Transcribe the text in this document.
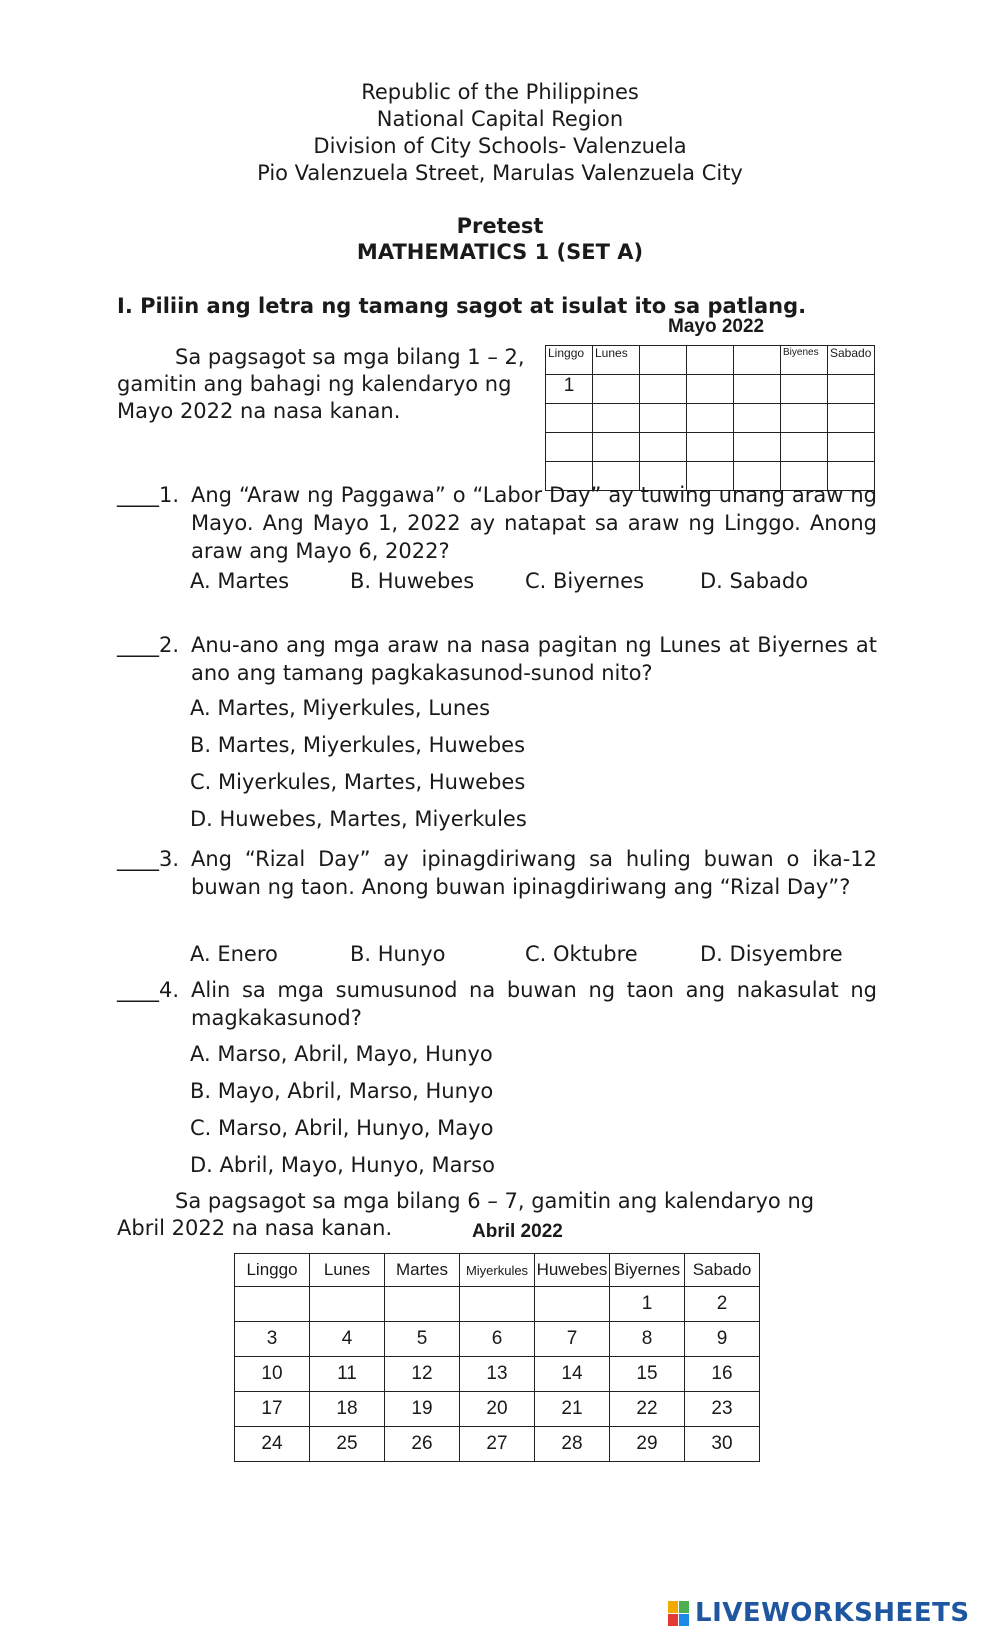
Republic of the Philippines
National Capital Region
Division of City Schools- Valenzuela
Pio Valenzuela Street, Marulas Valenzuela City
Pretest
MATHEMATICS 1 (SET A)
I. Piliin ang letra ng tamang sagot at isulat ito sa patlang.
Sa pagsagot sa mga bilang 1 – 2, gamitin ang bahagi ng kalendaryo ng Mayo 2022 na nasa kanan.
Mayo 2022
Linggo	Lunes				Biyenes	Sabado
1						

____1. Ang “Araw ng Paggawa” o “Labor Day” ay tuwing unang araw ng Mayo. Ang Mayo 1, 2022 ay natapat sa araw ng Linggo. Anong araw ang Mayo 6, 2022?
A. Martes	B. Huwebes C. Biyernes	D. Sabado
____2. Anu-ano ang mga araw na nasa pagitan ng Lunes at Biyernes at ano ang tamang pagkakasunod-sunod nito?
A. Martes, Miyerkules, Lunes
B. Martes, Miyerkules, Huwebes
C. Miyerkules, Martes, Huwebes
D. Huwebes, Martes, Miyerkules
____3. Ang “Rizal Day” ay ipinagdiriwang sa huling buwan o ika-12 buwan ng taon. Anong buwan ipinagdiriwang ang “Rizal Day”?
A. Enero	B. Hunyo	C. Oktubre	D. Disyembre
____4. Alin sa mga sumusunod na buwan ng taon ang nakasulat ng magkakasunod?
A. Marso, Abril, Mayo, Hunyo
B. Mayo, Abril, Marso, Hunyo
C. Marso, Abril, Hunyo, Mayo
D. Abril, Mayo, Hunyo, Marso
Sa pagsagot sa mga bilang 6 – 7, gamitin ang kalendaryo ng Abril 2022 na nasa kanan.	Abril 2022
Linggo	Lunes	Martes	Miyerkules	Huwebes	Biyernes	Sabado
					1	2
3	4	5	6	7	8	9
10	11	12	13	14	15	16
17	18	19	20	21	22	23
24	25	26	27	28	29	30
LIVEWORKSHEETS
